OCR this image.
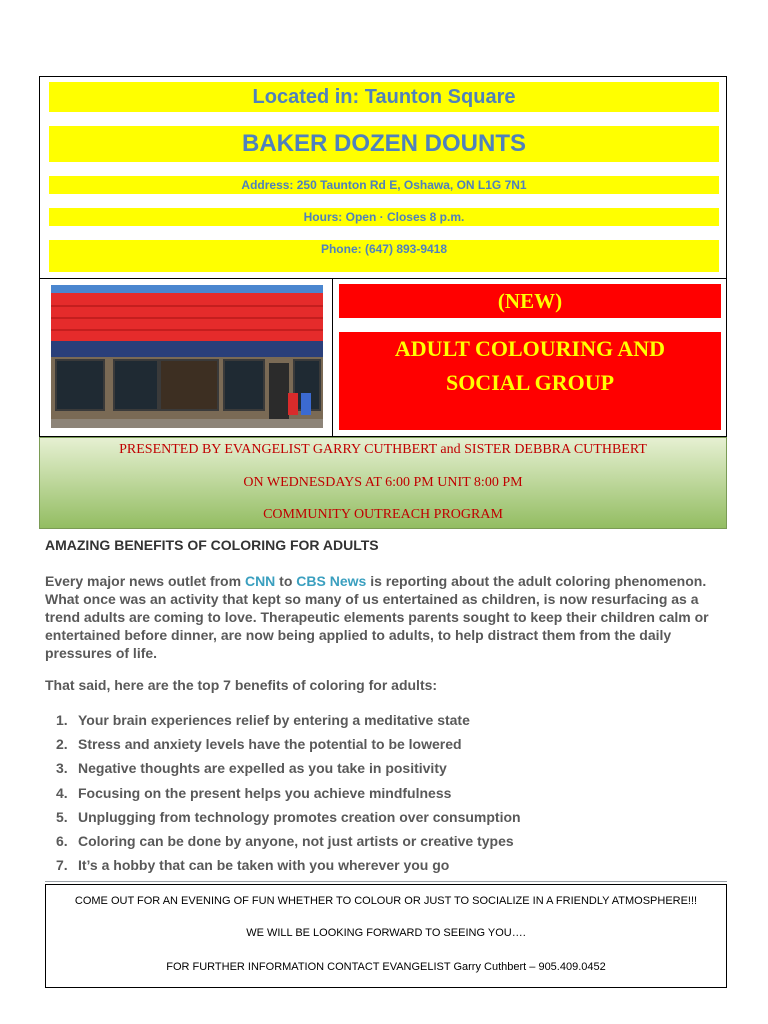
Located in: Taunton Square
BAKER DOZEN DOUNTS
Address: 250 Taunton Rd E, Oshawa, ON L1G 7N1
Hours: Open · Closes 8 p.m.
Phone: (647) 893-9418
(NEW)
ADULT COLOURING AND
SOCIAL GROUP
PRESENTED BY EVANGELIST GARRY CUTHBERT and SISTER DEBBRA CUTHBERT
ON WEDNESDAYS AT 6:00 PM UNIT 8:00 PM
COMMUNITY OUTREACH PROGRAM
AMAZING BENEFITS OF COLORING FOR ADULTS
Every major news outlet from CNN to CBS News is reporting about the adult coloring phenomenon. What once was an activity that kept so many of us entertained as children, is now resurfacing as a trend adults are coming to love. Therapeutic elements parents sought to keep their children calm or entertained before dinner, are now being applied to adults, to help distract them from the daily pressures of life.
That said, here are the top 7 benefits of coloring for adults:
1. Your brain experiences relief by entering a meditative state
2. Stress and anxiety levels have the potential to be lowered
3. Negative thoughts are expelled as you take in positivity
4. Focusing on the present helps you achieve mindfulness
5. Unplugging from technology promotes creation over consumption
6. Coloring can be done by anyone, not just artists or creative types
7. It’s a hobby that can be taken with you wherever you go
COME OUT FOR AN EVENING OF FUN WHETHER TO COLOUR OR JUST TO SOCIALIZE IN A FRIENDLY ATMOSPHERE!!!
WE WILL BE LOOKING FORWARD TO SEEING YOU….
FOR FURTHER INFORMATION CONTACT EVANGELIST Garry Cuthbert – 905.409.0452
